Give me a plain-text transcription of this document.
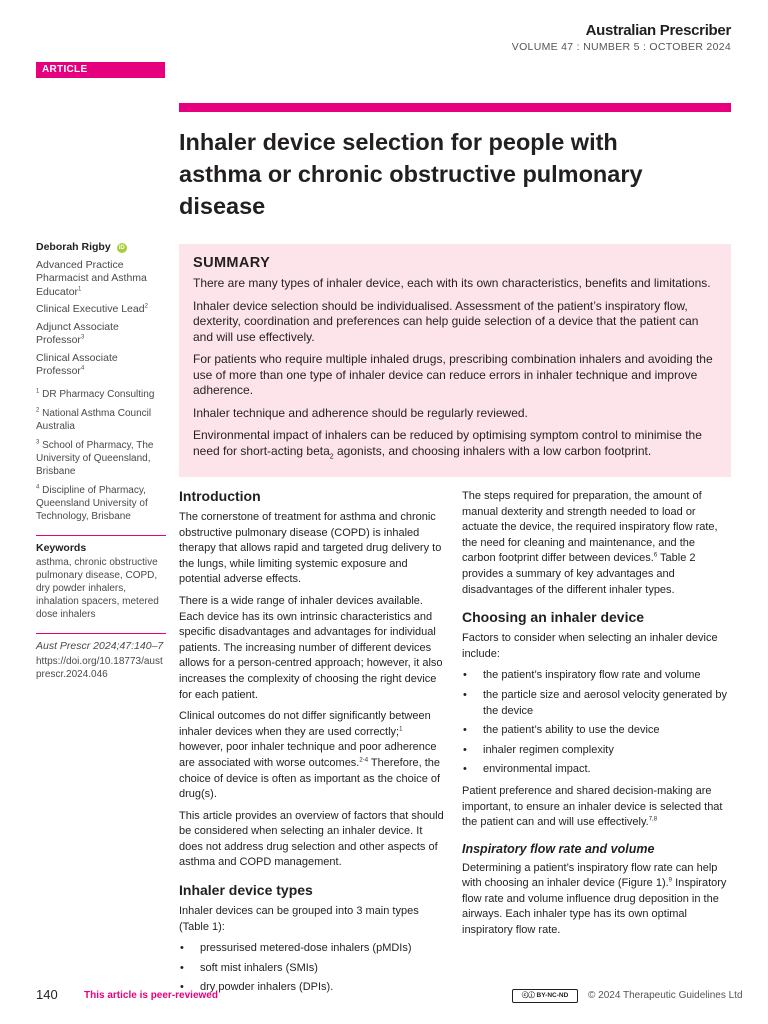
Australian Prescriber
VOLUME 47 : NUMBER 5 : OCTOBER 2024
ARTICLE
Inhaler device selection for people with asthma or chronic obstructive pulmonary disease
Deborah Rigby	iD
Advanced Practice Pharmacist and Asthma Educator$^1$
Clinical Executive Lead$^2$
Adjunct Associate Professor$^3$
Clinical Associate Professor$^4$
$^1$ DR Pharmacy Consulting
$^2$ National Asthma Council Australia
$^3$ School of Pharmacy, The University of Queensland, Brisbane
$^4$ Discipline of Pharmacy, Queensland University of Technology, Brisbane
Keywords
asthma, chronic obstructive pulmonary disease, COPD, dry powder inhalers, inhalation spacers, metered dose inhalers
Aust Prescr 2024;47:140–7
https://doi.org/10.18773/austprescr.2024.046
SUMMARY

There are many types of inhaler device, each with its own characteristics, benefits and limitations.

Inhaler device selection should be individualised. Assessment of the patient’s inspiratory flow, dexterity, coordination and preferences can help guide selection of a device that the patient can and will use effectively.

For patients who require multiple inhaled drugs, prescribing combination inhalers and avoiding the use of more than one type of inhaler device can reduce errors in inhaler technique and improve adherence.

Inhaler technique and adherence should be regularly reviewed.

Environmental impact of inhalers can be reduced by optimising symptom control to minimise the need for short-acting beta$_2$ agonists, and choosing inhalers with a low carbon footprint.

Introduction

The cornerstone of treatment for asthma and chronic obstructive pulmonary disease (COPD) is inhaled therapy that allows rapid and targeted drug delivery to the lungs, while limiting systemic exposure and potential adverse effects.

There is a wide range of inhaler devices available. Each device has its own intrinsic characteristics and specific disadvantages and advantages for individual patients. The increasing number of different devices allows for a person-centred approach; however, it also increases the complexity of choosing the right device for each patient.

Clinical outcomes do not differ significantly between inhaler devices when they are used correctly;$^1$ however, poor inhaler technique and poor adherence are associated with worse outcomes.$^{2-4}$ Therefore, the choice of device is often as important as the choice of drug(s).

This article provides an overview of factors that should be considered when selecting an inhaler device. It does not address drug selection and other aspects of asthma and COPD management.

Inhaler device types

Inhaler devices can be grouped into 3 main types (Table 1):

• pressurised metered-dose inhalers (pMDIs)
• soft mist inhalers (SMIs)
• dry powder inhalers (DPIs).

The steps required for preparation, the amount of manual dexterity and strength needed to load or actuate the device, the required inspiratory flow rate, the need for cleaning and maintenance, and the carbon footprint differ between devices.$^6$ Table 2 provides a summary of key advantages and disadvantages of the different inhaler types.

Choosing an inhaler device

Factors to consider when selecting an inhaler device include:

• the patient’s inspiratory flow rate and volume
• the particle size and aerosol velocity generated by the device
• the patient’s ability to use the device
• inhaler regimen complexity
• environmental impact.

Patient preference and shared decision-making are important, to ensure an inhaler device is selected that the patient can and will use effectively.$^{7,8}$

Inspiratory flow rate and volume

Determining a patient’s inspiratory flow rate can help with choosing an inhaler device (Figure 1).$^9$ Inspiratory flow rate and volume influence drug deposition in the airways. Each inhaler type has its own optimal inspiratory flow rate.

140	This article is peer-reviewed	ⓒⓘ BY-NC-ND	© 2024 Therapeutic Guidelines Ltd
